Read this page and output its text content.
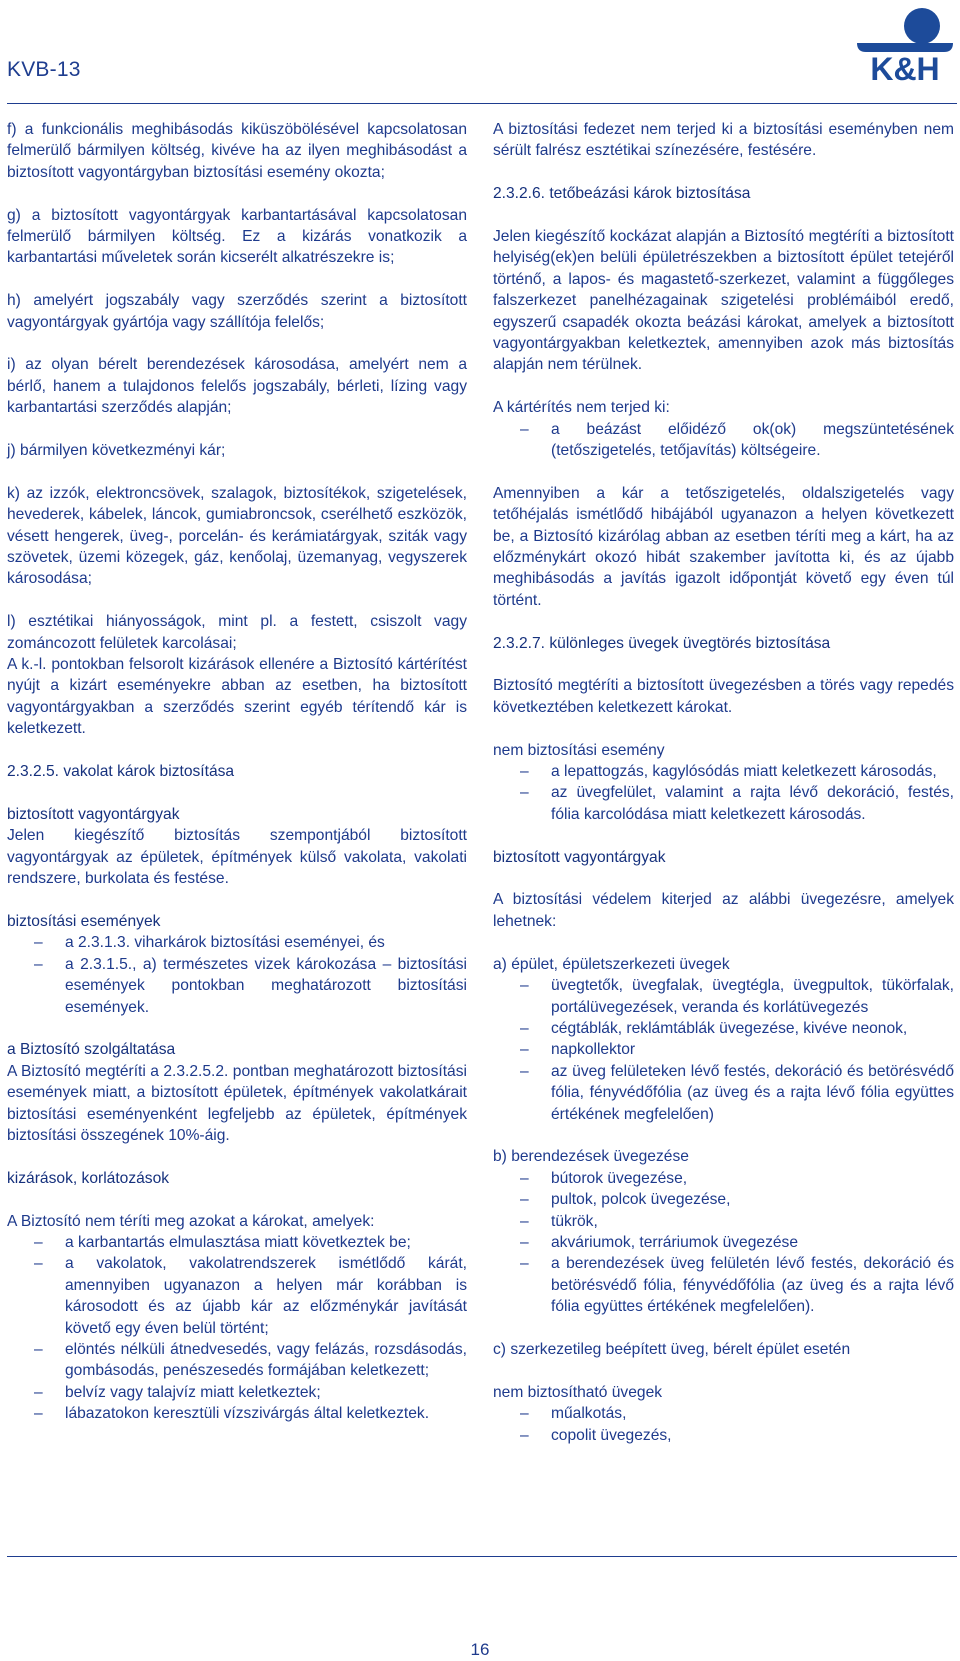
KVB-13	K&H

f) a funkcionális meghibásodás kiküszöbölésével kapcsolatosan felmerülő bármilyen költség, kivéve ha az ilyen meghibásodást a biztosított vagyontárgyban biztosítási esemény okozta;

g) a biztosított vagyontárgyak karbantartásával kapcsolatosan felmerülő bármilyen költség. Ez a kizárás vonatkozik a karbantartási műveletek során kicserélt alkatrészekre is;

h) amelyért jogszabály vagy szerződés szerint a biztosított vagyontárgyak gyártója vagy szállítója felelős;

i) az olyan bérelt berendezések károsodása, amelyért nem a bérlő, hanem a tulajdonos felelős jogszabály, bérleti, lízing vagy karbantartási szerződés alapján;

j) bármilyen következményi kár;

k) az izzók, elektroncsövek, szalagok, biztosítékok, szigetelések, hevederek, kábelek, láncok, gumiabroncsok, cserélhető eszközök, vésett hengerek, üveg-, porcelán- és kerámiatárgyak, sziták vagy szövetek, üzemi közegek, gáz, kenőolaj, üzemanyag, vegyszerek károsodása;

l) esztétikai hiányosságok, mint pl. a festett, csiszolt vagy zománcozott felületek karcolásai;

A k.-l. pontokban felsorolt kizárások ellenére a Biztosító kártérítést nyújt a kizárt eseményekre abban az esetben, ha biztosított vagyontárgyakban a szerződés szerint egyéb térítendő kár is keletkezett.

2.3.2.5. vakolat károk biztosítása
biztosított vagyontárgyak

Jelen kiegészítő biztosítás szempontjából biztosított vagyontárgyak az épületek, építmények külső vakolata, vakolati rendszere, burkolata és festése.

biztosítási események
– a 2.3.1.3. viharkárok biztosítási eseményei, és
– a 2.3.1.5., a) természetes vizek károkozása – biztosítási események pontokban meghatározott biztosítási események.
a Biztosító szolgáltatása

A Biztosító megtéríti a 2.3.2.5.2. pontban meghatározott biztosítási események miatt, a biztosított épületek, építmények vakolatkárait biztosítási eseményenként legfeljebb az épületek, építmények biztosítási összegének 10%-áig.

kizárások, korlátozások

A Biztosító nem téríti meg azokat a károkat, amelyek:

– a karbantartás elmulasztása miatt következtek be;
– a vakolatok, vakolatrendszerek ismétlődő kárát, amennyiben ugyanazon a helyen már korábban is károsodott és az újabb kár az előzménykár javítását követő egy éven belül történt;
– elöntés nélküli átnedvesedés, vagy felázás, rozsdásodás, gombásodás, penészesedés formájában keletkezett;
– belvíz vagy talajvíz miatt keletkeztek;
– lábazatokon keresztüli vízszivárgás által keletkeztek.

A biztosítási fedezet nem terjed ki a biztosítási eseményben nem sérült falrész esztétikai színezésére, festésére.

2.3.2.6. tetőbeázási károk biztosítása

Jelen kiegészítő kockázat alapján a Biztosító megtéríti a biztosított helyiség(ek)en belüli épületrészekben a biztosított épület tetejéről történő, a lapos- és magastető-szerkezet, valamint a függőleges falszerkezet panelhézagainak szigetelési problémáiból eredő, egyszerű csapadék okozta beázási károkat, amelyek a biztosított vagyontárgyakban keletkeztek, amennyiben azok más biztosítás alapján nem térülnek.

A kártérítés nem terjed ki:

– a beázást előidéző ok(ok) megszüntetésének (tetőszigetelés, tetőjavítás) költségeire.

Amennyiben a kár a tetőszigetelés, oldalszigetelés vagy tetőhéjalás ismétlődő hibájából ugyanazon a helyen következett be, a Biztosító kizárólag abban az esetben téríti meg a kárt, ha az előzménykárt okozó hibát szakember javította ki, és az újabb meghibásodás a javítás igazolt időpontját követő egy éven túl történt.

2.3.2.7. különleges üvegek üvegtörés biztosítása

Biztosító megtéríti a biztosított üvegezésben a törés vagy repedés következtében keletkezett károkat.

nem biztosítási esemény

– a lepattogzás, kagylósódás miatt keletkezett károsodás,
– az üvegfelület, valamint a rajta lévő dekoráció, festés, fólia karcolódása miatt keletkezett károsodás.
biztosított vagyontárgyak

A biztosítási védelem kiterjed az alábbi üvegezésre, amelyek lehetnek:

a) épület, épületszerkezeti üvegek

– üvegtetők, üvegfalak, üvegtégla, üvegpultok, tükörfalak, portálüvegezések, veranda és korlátüvegezés
– cégtáblák, reklámtáblák üvegezése, kivéve neonok,
– napkollektor
– az üveg felületeken lévő festés, dekoráció és betörésvédő fólia, fényvédőfólia (az üveg és a rajta lévő fólia együttes értékének megfelelően)

b) berendezések üvegezése

– bútorok üvegezése,
– pultok, polcok üvegezése,
– tükrök,
– akváriumok, terráriumok üvegezése
– a berendezések üveg felületén lévő festés, dekoráció és betörésvédő fólia, fényvédőfólia (az üveg és a rajta lévő fólia együttes értékének megfelelően).

c) szerkezetileg beépített üveg, bérelt épület esetén

nem biztosítható üvegek

– műalkotás,
– copolit üvegezés,
16
